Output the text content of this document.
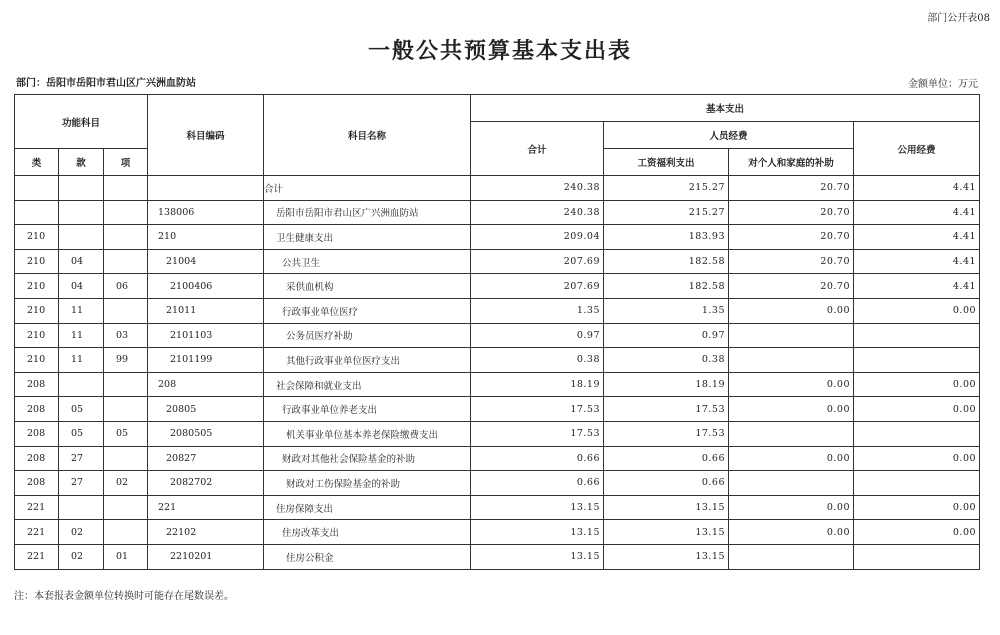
部门公开表08
一般公共预算基本支出表
部门：岳阳市岳阳市君山区广兴洲血防站	金额单位：万元
功能科目			科目编码	科目名称	基本支出			
					合计	人员经费		公用经费
类	款	项				工资福利支出	对个人和家庭的补助	
				合计	240.38	215.27	20.70	4.41
			138006	岳阳市岳阳市君山区广兴洲血防站	240.38	215.27	20.70	4.41
210			210	卫生健康支出	209.04	183.93	20.70	4.41
210	04		21004	公共卫生	207.69	182.58	20.70	4.41
210	04	06	2100406	采供血机构	207.69	182.58	20.70	4.41
210	11		21011	行政事业单位医疗	1.35	1.35	0.00	0.00
210	11	03	2101103	公务员医疗补助	0.97	0.97		
210	11	99	2101199	其他行政事业单位医疗支出	0.38	0.38		
208			208	社会保障和就业支出	18.19	18.19	0.00	0.00
208	05		20805	行政事业单位养老支出	17.53	17.53	0.00	0.00
208	05	05	2080505	机关事业单位基本养老保险缴费支出	17.53	17.53		
208	27		20827	财政对其他社会保险基金的补助	0.66	0.66	0.00	0.00
208	27	02	2082702	财政对工伤保险基金的补助	0.66	0.66		
221			221	住房保障支出	13.15	13.15	0.00	0.00
221	02		22102	住房改革支出	13.15	13.15	0.00	0.00
221	02	01	2210201	住房公积金	13.15	13.15		
注：本套报表金额单位转换时可能存在尾数误差。
